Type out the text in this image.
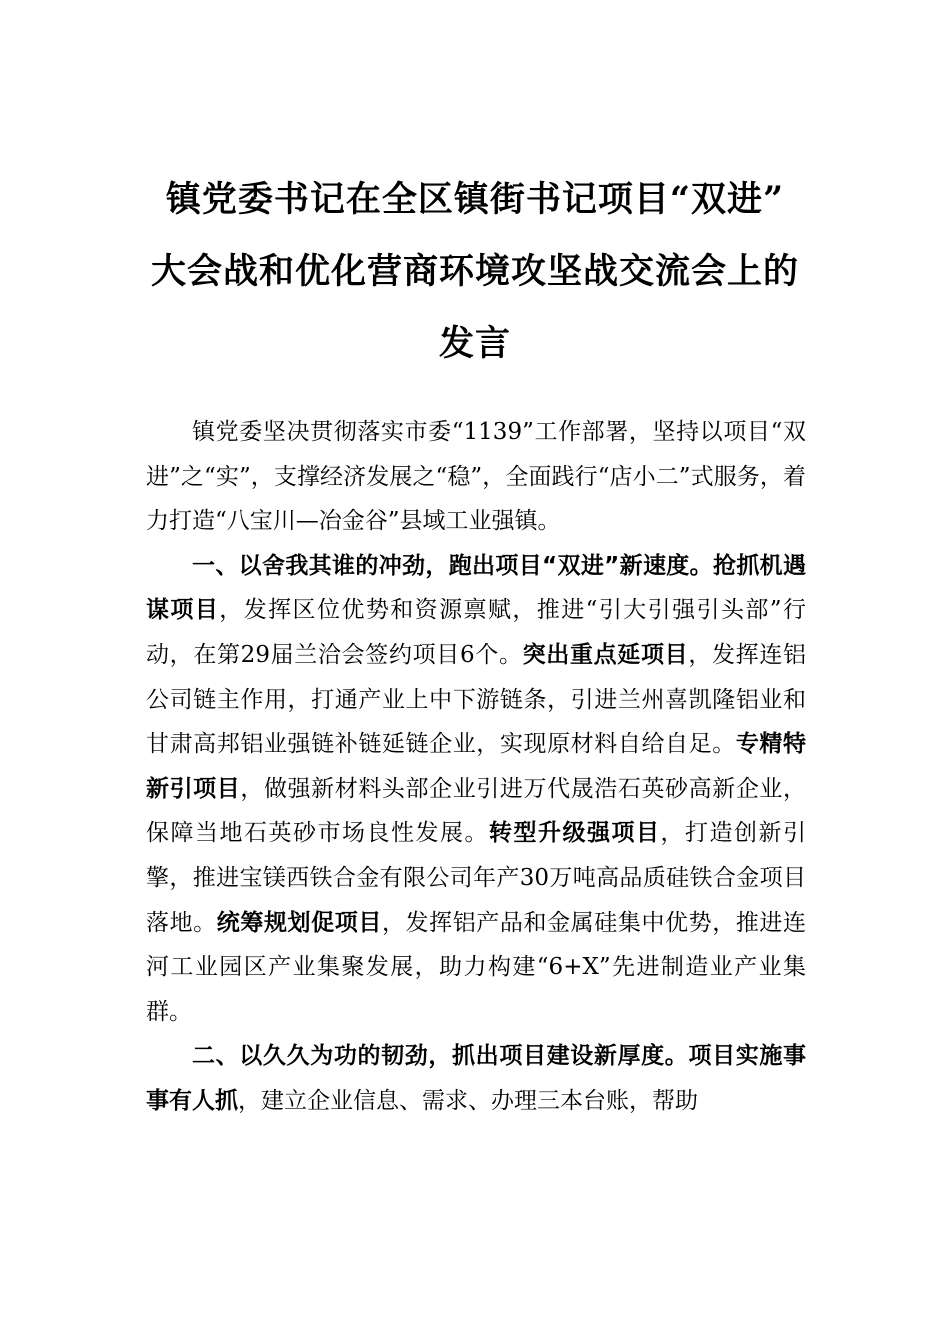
镇党委书记在全区镇街书记项目“双进”
大会战和优化营商环境攻坚战交流会上的
发言

镇党委坚决贯彻落实市委“1139”工作部署，坚持以项目“双进”之“实”，支撑经济发展之“稳”，全面践行“店小二”式服务，着力打造“八宝川—冶金谷”县域工业强镇。

一、以舍我其谁的冲劲，跑出项目“双进”新速度。抢抓机遇谋项目，发挥区位优势和资源禀赋，推进“引大引强引头部”行动，在第29届兰洽会签约项目6个。突出重点延项目，发挥连铝公司链主作用，打通产业上中下游链条，引进兰州喜凯隆铝业和甘肃高邦铝业强链补链延链企业，实现原材料自给自足。专精特新引项目，做强新材料头部企业引进万代晟浩石英砂高新企业，保障当地石英砂市场良性发展。转型升级强项目，打造创新引擎，推进宝镁西铁合金有限公司年产30万吨高品质硅铁合金项目落地。统筹规划促项目，发挥铝产品和金属硅集中优势，推进连河工业园区产业集聚发展，助力构建“6+X”先进制造业产业集群。

二、以久久为功的韧劲，抓出项目建设新厚度。项目实施事事有人抓，建立企业信息、需求、办理三本台账，帮助
